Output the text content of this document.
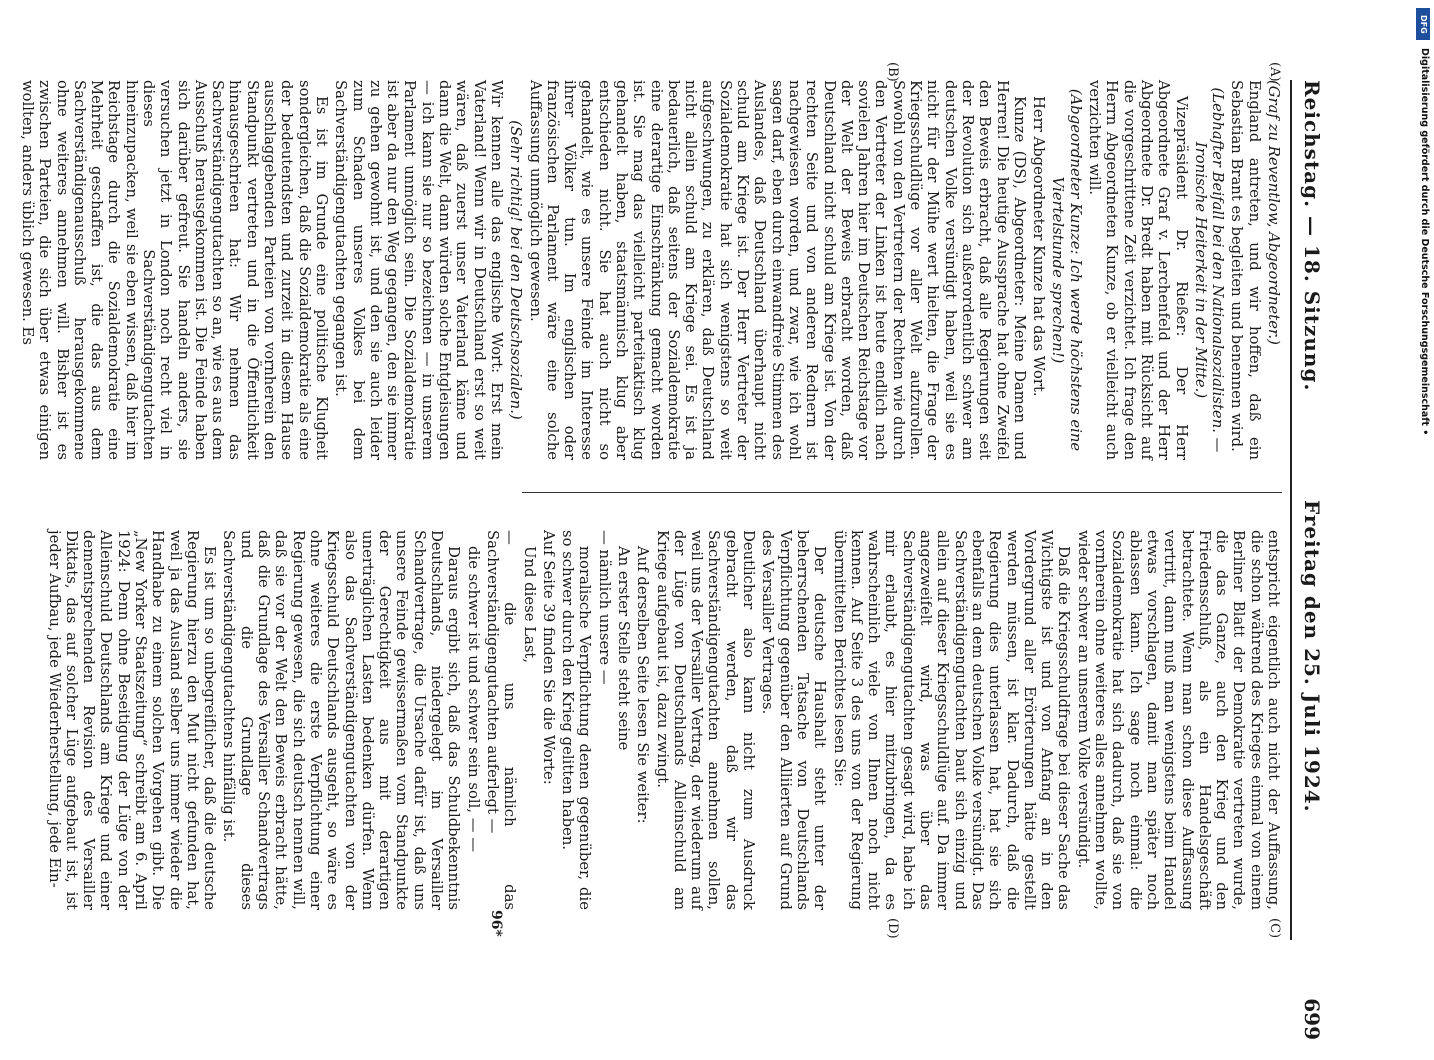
Reichstag. — 18. Sitzung.
Freitag den 25. Juli 1924.
699

(Graf zu Reventlow, Abgeordneter.)

England antreten, und wir hoffen, daß ein Sebastian Brant es begleiten und benennen wird.

(Lebhafter Beifall bei den Nationalsozialisten. — Ironische Heiterkeit in der Mitte.)

Vizepräsident Dr. Rießer: Der Herr Abgeordnete Graf v. Lerchenfeld und der Herr Abgeordnete Dr. Bredt haben mit Rücksicht auf die vorgeschrittene Zeit verzichtet. Ich frage den Herrn Abgeordneten Kunze, ob er vielleicht auch verzichten will.

(Abgeordneter Kunze: Ich werde höchstens eine Viertelstunde sprechen!)

Herr Abgeordneter Kunze hat das Wort.

Kunze (DS), Abgeordneter: Meine Damen und Herren! Die heutige Aussprache hat ohne Zweifel den Beweis erbracht, daß alle Regierungen seit der Revolution sich außerordentlich schwer am deutschen Volke versündigt haben, weil sie es nicht für der Mühe wert hielten, die Frage der Kriegsschuldlüge vor aller Welt aufzurollen. Sowohl von den Vertretern der Rechten wie durch den Vertreter der Linken ist heute endlich nach sovielen Jahren hier im Deutschen Reichstage vor der Welt der Beweis erbracht worden, daß Deutschland nicht schuld am Kriege ist. Von der rechten Seite und von anderen Rednern ist nachgewiesen worden, und zwar, wie ich wohl sagen darf, eben durch einwandfreie Stimmen des Auslandes, daß Deutschland überhaupt nicht schuld am Kriege ist. Der Herr Vertreter der Sozialdemokratie hat sich wenigstens so weit aufgeschwungen, zu erklären, daß Deutschland nicht allein schuld am Kriege sei. Es ist ja bedauerlich, daß seitens der Sozialdemokratie eine derartige Einschränkung gemacht worden ist. Sie mag das vielleicht parteitaktisch klug gehandelt haben, staatsmännisch klug aber entschieden nicht. Sie hat auch nicht so gehandelt, wie es unsere Feinde im Interesse ihrer Völker tun. Im englischen oder französischen Parlament wäre eine solche Auffassung unmöglich gewesen.

(Sehr richtig! bei den Deutschsozialen.)

Wir kennen alle das englische Wort: Erst mein Vaterland! Wenn wir in Deutschland erst so weit wären, daß zuerst unser Vaterland käme und dann die Welt, dann würden solche Entgleisungen — ich kann sie nur so bezeichnen — in unserem Parlament unmöglich sein. Die Sozialdemokratie ist aber da nur den Weg gegangen, den sie immer zu gehen gewohnt ist, und den sie auch leider zum Schaden unseres Volkes bei dem Sachverständigengutachten gegangen ist.

Es ist im Grunde eine politische Klugheit sondergleichen, daß die Sozialdemokratie als eine der bedeutendsten und zurzeit in diesem Hause ausschlaggebenden Parteien von vornherein den Standpunkt vertreten und in die Öffentlichkeit hinausgeschrieen hat: Wir nehmen das Sachverständigengutachten so an, wie es aus dem Ausschuß herausgekommen ist. Die Feinde haben sich darüber gefreut. Sie handeln anders, sie versuchen jetzt in London noch recht viel in dieses Sachverständigengutachten hineinzupacken, weil sie eben wissen, daß hier im Reichstage durch die Sozialdemokratie eine Mehrheit geschaffen ist, die das aus dem Sachverständigenausschuß herausgekommene ohne weiteres annehmen will. Bisher ist es zwischen Parteien, die sich über etwas einigen wollten, anders üblich gewesen. Es

entspricht eigentlich auch nicht der Auffassung, die schon während des Krieges einmal von einem Berliner Blatt der Demokratie vertreten wurde, die das Ganze, auch den Krieg und den Friedensschluß, als ein Handelsgeschäft betrachtete. Wenn man schon diese Auffassung vertritt, dann muß man wenigstens beim Handel etwas vorschlagen, damit man später noch ablassen kann. Ich sage noch einmal: die Sozialdemokratie hat sich dadurch, daß sie von vornherein ohne weiteres alles annehmen wollte, wieder schwer an unserem Volke versündigt.

Daß die Kriegsschuldfrage bei dieser Sache das Wichtigste ist und von Anfang an in den Vordergrund aller Erörterungen hätte gestellt werden müssen, ist klar. Dadurch, daß die Regierung dies unterlassen hat, hat sie sich ebenfalls an dem deutschen Volke versündigt. Das Sachverständigengutachten baut sich einzig und allein auf dieser Kriegsschuldlüge auf. Da immer angezweifelt wird, was über das Sachverständigengutachten gesagt wird, habe ich mir erlaubt, es hier mitzubringen, da es wahrscheinlich viele von Ihnen noch nicht kennen. Auf Seite 3 des uns von der Regierung übermittelten Berichtes lesen Sie:

Der deutsche Haushalt steht unter der beherrschenden Tatsache von Deutschlands Verpflichtung gegenüber den Alliierten auf Grund des Versailler Vertrages.

Deutlicher also kann nicht zum Ausdruck gebracht werden, daß wir das Sachverständigengutachten annehmen sollen, weil uns der Versailler Vertrag, der wiederum auf der Lüge von Deutschlands Alleinschuld am Kriege aufgebaut ist, dazu zwingt.

Auf derselben Seite lesen Sie weiter:

An erster Stelle steht seine

— nämlich unsere —

moralische Verpflichtung denen gegenüber, die so schwer durch den Krieg gelitten haben.

Auf Seite 39 finden Sie die Worte:

Und diese Last,

— die uns nämlich das Sachverständigengutachten auferlegt —

die schwer ist und schwer sein soll, — —

Daraus ergibt sich, daß das Schuldbekenntnis Deutschlands, niedergelegt im Versailler Schandvertrage, die Ursache dafür ist, daß uns unsere Feinde gewissermaßen vom Standpunkte der Gerechtigkeit aus mit derartigen unerträglichen Lasten bedenken dürfen. Wenn also das Sachverständigengutachten von der Kriegsschuld Deutschlands ausgeht, so wäre es ohne weiteres die erste Verpflichtung einer Regierung gewesen, die sich deutsch nennen will, daß sie vor der Welt den Beweis erbracht hätte, daß die Grundlage des Versailler Schandvertrags und die Grundlage dieses Sachverständigengutachtens hinfällig ist.

Es ist um so unbegreiflicher, daß die deutsche Regierung hierzu den Mut nicht gefunden hat, weil ja das Ausland selber uns immer wieder die Handhabe zu einem solchen Vorgehen gibt. Die „New Yorker Staatszeitung“ schreibt am 6. April 1924: Denn ohne Beseitigung der Lüge von der Alleinschuld Deutschlands am Kriege und einer dementsprechenden Revision des Versailler Diktats, das auf solcher Lüge aufgebaut ist, ist jeder Aufbau, jede Wiederherstellung, jede Ein-

(A)
(B)
(C)
(D)
96*
DFG
Digitalisierung gefördert durch die Deutsche Forschungsgemeinschaft •
